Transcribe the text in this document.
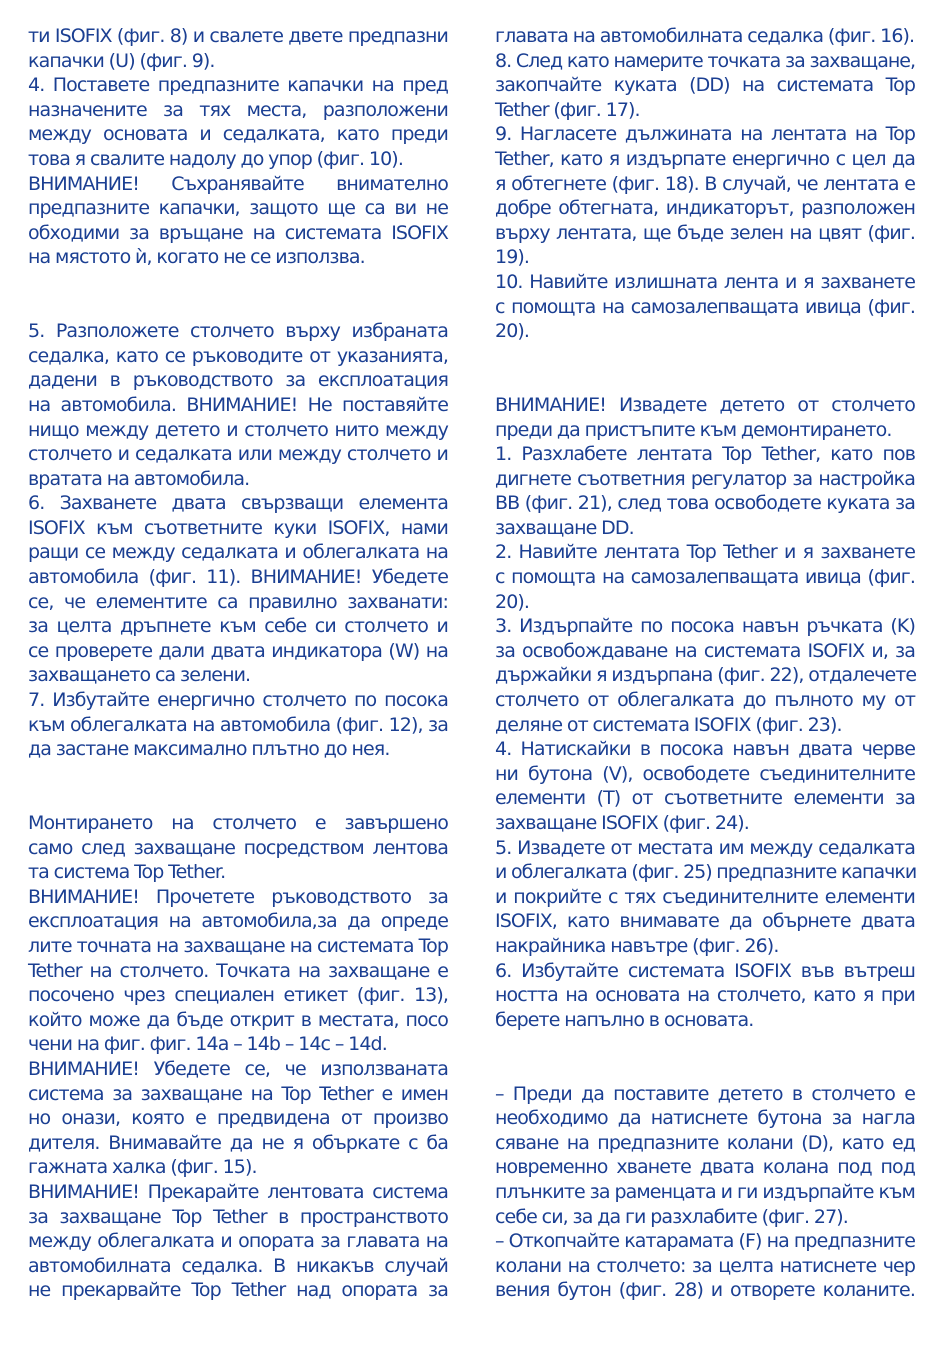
ти ISOFIX (фиг. 8) и свалете двете предпазни
капачки (U) (фиг. 9).
4. Поставете предпазните капачки на пред
назначените за тях места, разположени
между основата и седалката, като преди
това я свалите надолу до упор (фиг. 10).
ВНИМАНИЕ! Съхранявайте внимателно
предпазните капачки, защото ще са ви не
обходими за връщане на системата ISOFIX
на мястото ѝ, когато не се използва.
5. Разположете столчето върху избраната
седалка, като се ръководите от указанията,
дадени в ръководството за експлоатация
на автомобила. ВНИМАНИЕ! Не поставяйте
нищо между детето и столчето нито между
столчето и седалката или между столчето и
вратата на автомобила.
6. Захванете двата свързващи елемента
ISOFIX към съответните куки ISOFIX, нами
ращи се между седалката и облегалката на
автомобила (фиг. 11). ВНИМАНИЕ! Убедете
се, че елементите са правилно захванати:
за целта дръпнете към себе си столчето и
се проверете дали двата индикатора (W) на
захващането са зелени.
7. Избутайте енергично столчето по посока
към облегалката на автомобила (фиг. 12), за
да застане максимално плътно до нея.
Монтирането на столчето е завършено
само след захващане посредством лентова
та система Top Tether.
ВНИМАНИЕ! Прочетете ръководството за
експлоатация на автомобила,за да опреде
лите точната на захващане на системата Top
Tether на столчето. Точката на захващане е
посочено чрез специален етикет (фиг. 13),
който може да бъде открит в местата, посо
чени на фиг. фиг. 14a – 14b – 14c – 14d.
ВНИМАНИЕ! Убедете се, че използваната
система за захващане на Top Tether е имен
но онази, която е предвидена от произво
дителя. Внимавайте да не я объркате с ба
гажната халка (фиг. 15).
ВНИМАНИЕ! Прекарайте лентовата система
за захващане Top Tether в пространството
между облегалката и опората за главата на
автомобилната седалка. В никакъв случай
не прекарвайте Top Tether над опората за
главата на автомобилната седалка (фиг. 16).
8. След като намерите точката за захващане,
закопчайте куката (DD) на системата Top
Tether (фиг. 17).
9. Нагласете дължината на лентата на Top
Tether, като я издърпате енергично с цел да
я обтегнете (фиг. 18). В случай, че лентата е
добре обтегната, индикаторът, разположен
върху лентата, ще бъде зелен на цвят (фиг.
19).
10. Навийте излишната лента и я захванете
с помощта на самозалепващата ивица (фиг.
20).
ВНИМАНИЕ! Извадете детето от столчето
преди да пристъпите към демонтирането.
1. Разхлабете лентата Top Tether, като пов
дигнете съответния регулатор за настройка
BB (фиг. 21), след това освободете куката за
захващане DD.
2. Навийте лентата Top Tether и я захванете
с помощта на самозалепващата ивица (фиг.
20).
3. Издърпайте по посока навън ръчката (K)
за освобождаване на системата ISOFIX и, за
държайки я издърпана (фиг. 22), отдалечете
столчето от облегалката до пълното му от
деляне от системата ISOFIX (фиг. 23).
4. Натискайки в посока навън двата черве
ни бутона (V), освободете съединителните
елементи (T) от съответните елементи за
захващане ISOFIX (фиг. 24).
5. Извадете от местата им между седалката
и облегалката (фиг. 25) предпазните капачки
и покрийте с тях съединителните елементи
ISOFIX, като внимавате да обърнете двата
накрайника навътре (фиг. 26).
6. Избутайте системата ISOFIX във вътреш
ността на основата на столчето, като я при
берете напълно в основата.
– Преди да поставите детето в столчето е
необходимо да натиснете бутона за нагла
сяване на предпазните колани (D), като ед
новременно хванете двата колана под под
плънките за раменцата и ги издърпайте към
себе си, за да ги разхлабите (фиг. 27).
– Откопчайте катарамата (F) на предпазните
колани на столчето: за целта натиснете чер
вения бутон (фиг. 28) и отворете коланите.
